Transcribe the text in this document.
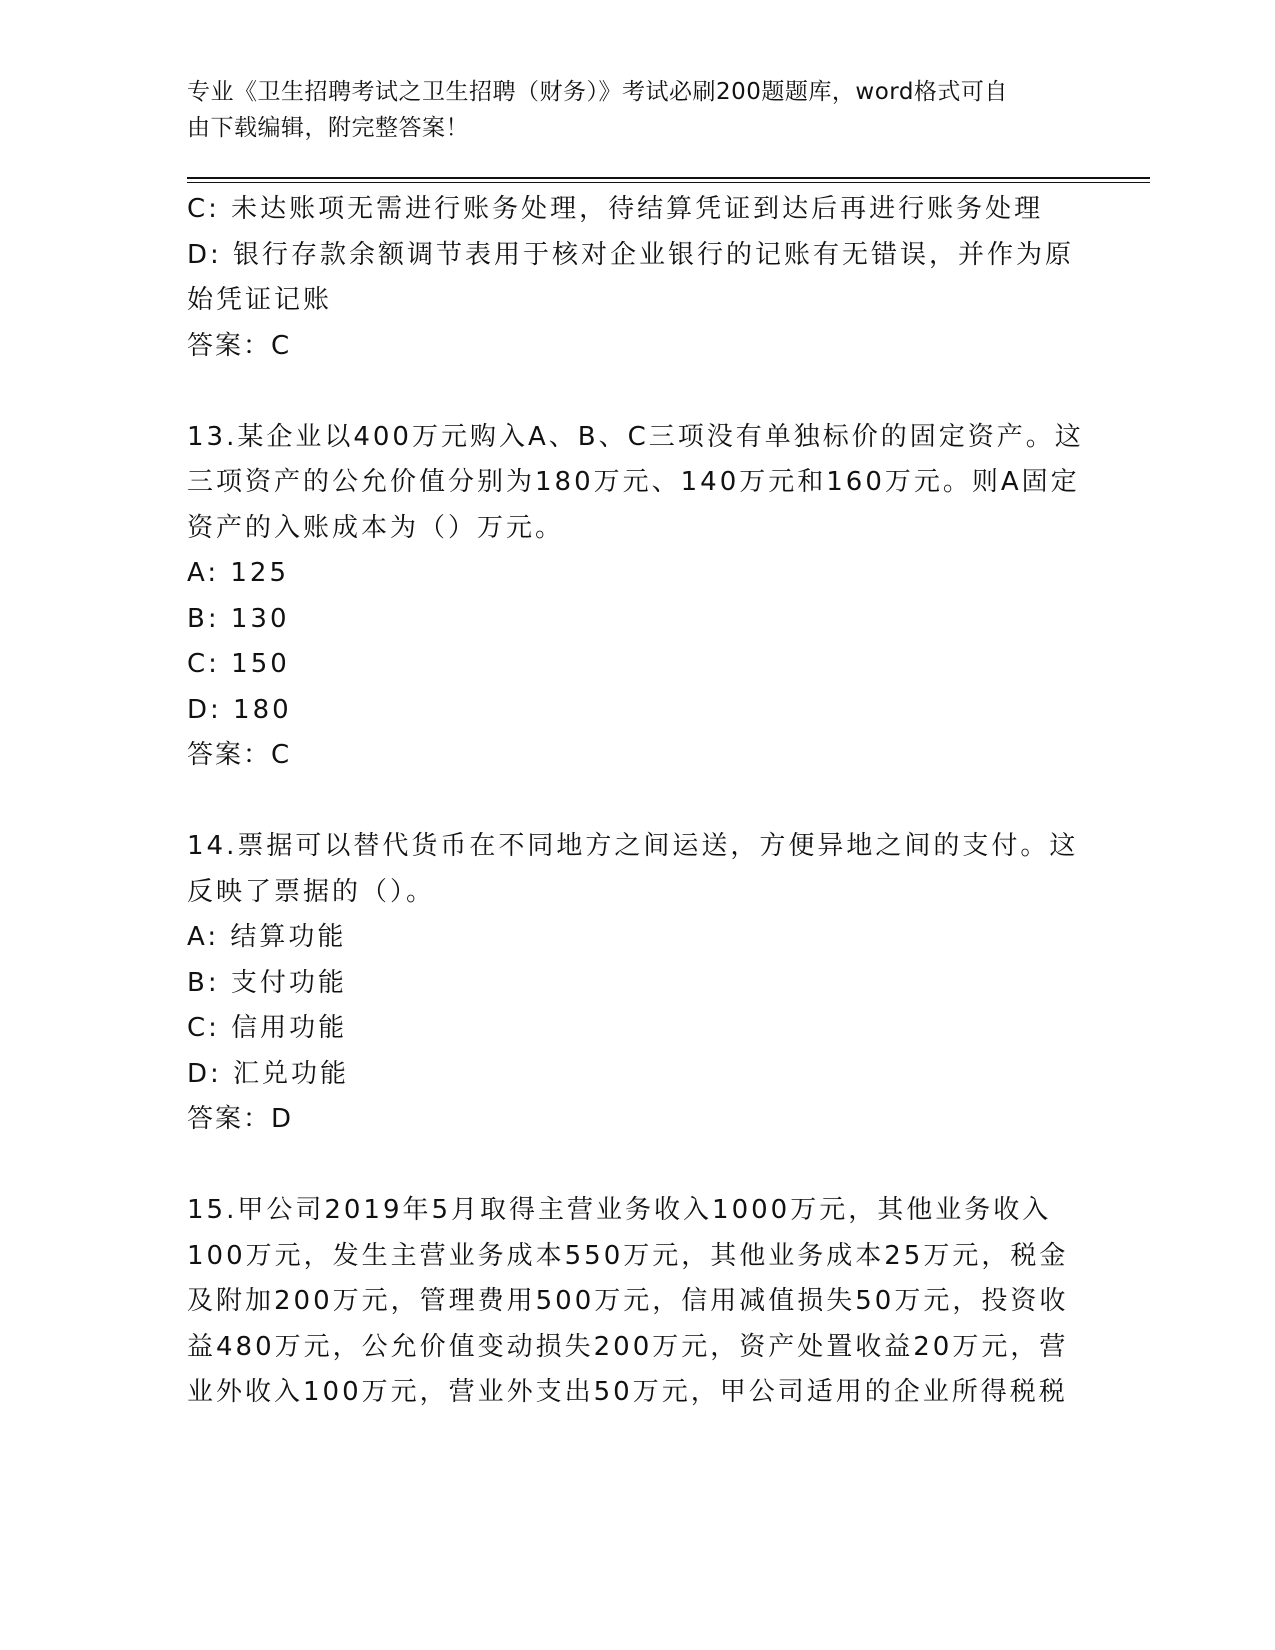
专业《卫生招聘考试之卫生招聘（财务）》考试必刷200题题库，word格式可自
由下载编辑，附完整答案！
C: 未达账项无需进行账务处理，待结算凭证到达后再进行账务处理
D: 银行存款余额调节表用于核对企业银行的记账有无错误，并作为原
始凭证记账
答案：C
13.某企业以400万元购入A、B、C三项没有单独标价的固定资产。这
三项资产的公允价值分别为180万元、140万元和160万元。则A固定
资产的入账成本为（）万元。
A: 125
B: 130
C: 150
D: 180
答案：C
14.票据可以替代货币在不同地方之间运送，方便异地之间的支付。这
反映了票据的（）。
A: 结算功能
B: 支付功能
C: 信用功能
D: 汇兑功能
答案：D
15.甲公司2019年5月取得主营业务收入1000万元，其他业务收入
100万元，发生主营业务成本550万元，其他业务成本25万元，税金
及附加200万元，管理费用500万元，信用减值损失50万元，投资收
益480万元，公允价值变动损失200万元，资产处置收益20万元，营
业外收入100万元，营业外支出50万元，甲公司适用的企业所得税税
